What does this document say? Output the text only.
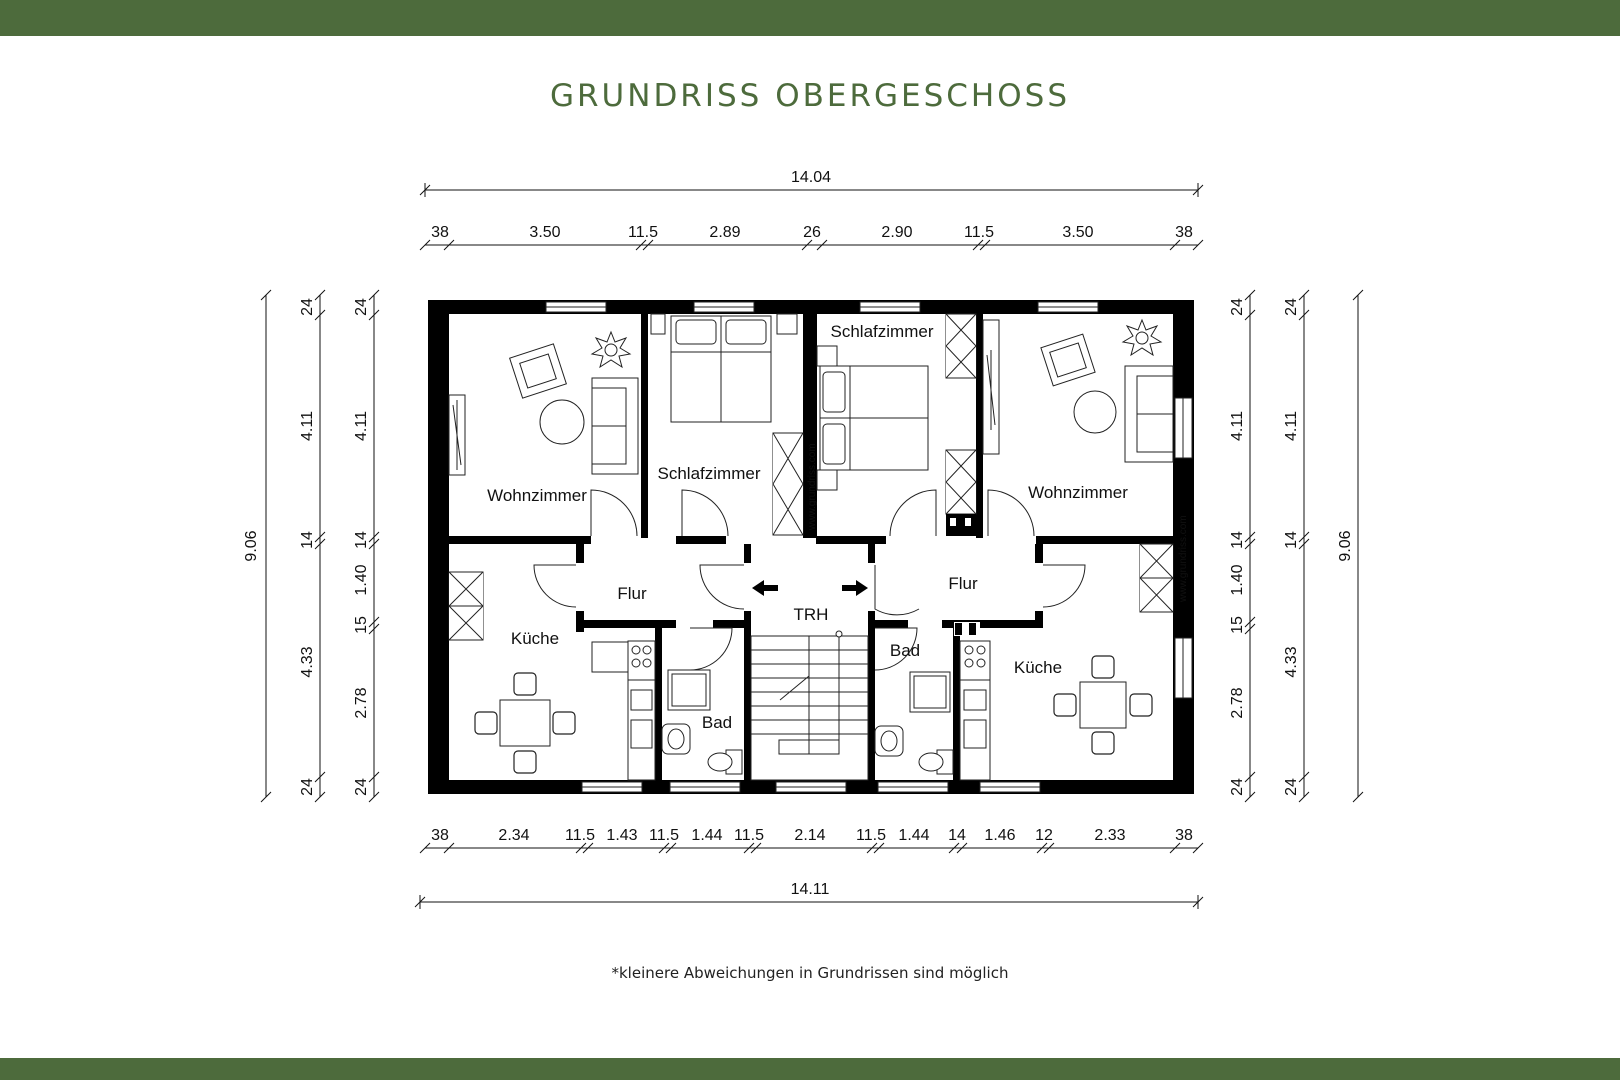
GRUNDRISS OBERGESCHOSS
14.04
38	3.50	11.5	2.89	26	2.90	11.5	3.50	38
38	2.34 11.5 1.43 11.5 1.44 11.5 2.14 11.5 1.44 14 1.46 12	2.33	38
14.11
9.06
24
4.11
14
4.33
24
24
4.11
14
1.40
15
2.78
24
24
4.11
14
1.40
15
2.78
24
24
4.11
14
4.33
24
9.06
www.grundriss.com
www.grundriss.com
Wohnzimmer
Schlafzimmer
Schlafzimmer
Wohnzimmer
Flur
TRH
Flur
Küche
Bad
Bad
Küche
*kleinere Abweichungen in Grundrissen sind möglich
